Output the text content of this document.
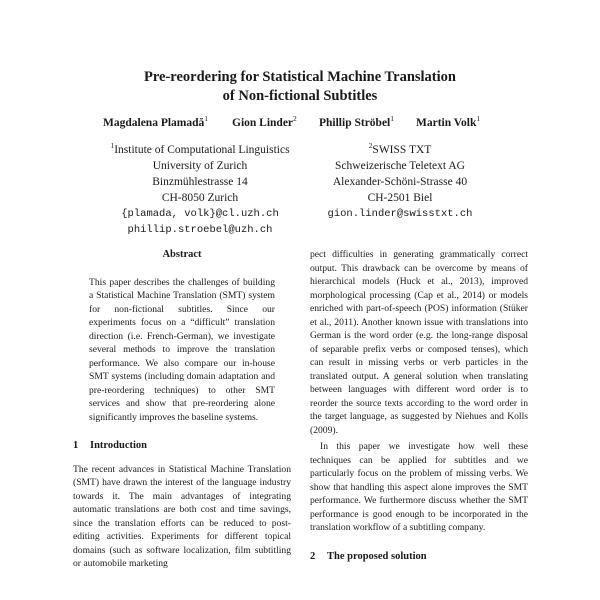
Pre-reordering for Statistical Machine Translation
of Non-fictional Subtitles
Magdalena Plamadă$^1$ Gion Linder$^2$ Phillip Ströbel$^1$ Martin Volk$^1$
$^1$Institute of Computational Linguistics
University of Zurich
Binzmühlestrasse 14
CH-8050 Zurich
{plamada, volk}@cl.uzh.ch
phillip.stroebel@uzh.ch
$^2$SWISS TXT
Schweizerische Teletext AG
Alexander-Schöni-Strasse 40
CH-2501 Biel
gion.linder@swisstxt.ch
Abstract

This paper describes the challenges of building a Statistical Machine Translation (SMT) system for non-fictional subtitles. Since our experiments focus on a “difficult” translation direction (i.e. French-German), we investigate several methods to improve the translation performance. We also compare our in-house SMT systems (including domain adaptation and pre-reordering techniques) to other SMT services and show that pre-reordering alone significantly improves the baseline systems.

1 Introduction

The recent advances in Statistical Machine Translation (SMT) have drawn the interest of the language industry towards it. The main advantages of integrating automatic translations are both cost and time savings, since the translation efforts can be reduced to post-editing activities. Experiments for different topical domains (such as software localization, film subtitling or automobile marketing

pect difficulties in generating grammatically correct output. This drawback can be overcome by means of hierarchical models (Huck et al., 2013), improved morphological processing (Cap et al., 2014) or models enriched with part-of-speech (POS) information (Stüker et al., 2011). Another known issue with translations into German is the word order (e.g. the long-range disposal of separable prefix verbs or composed tenses), which can result in missing verbs or verb particles in the translated output. A general solution when translating between languages with different word order is to reorder the source texts according to the word order in the target language, as suggested by Niehues and Kolls (2009).

In this paper we investigate how well these techniques can be applied for subtitles and we particularly focus on the problem of missing verbs. We show that handling this aspect alone improves the SMT performance. We furthermore discuss whether the SMT performance is good enough to be incorporated in the translation workflow of a subtitling company.

2 The proposed solution
